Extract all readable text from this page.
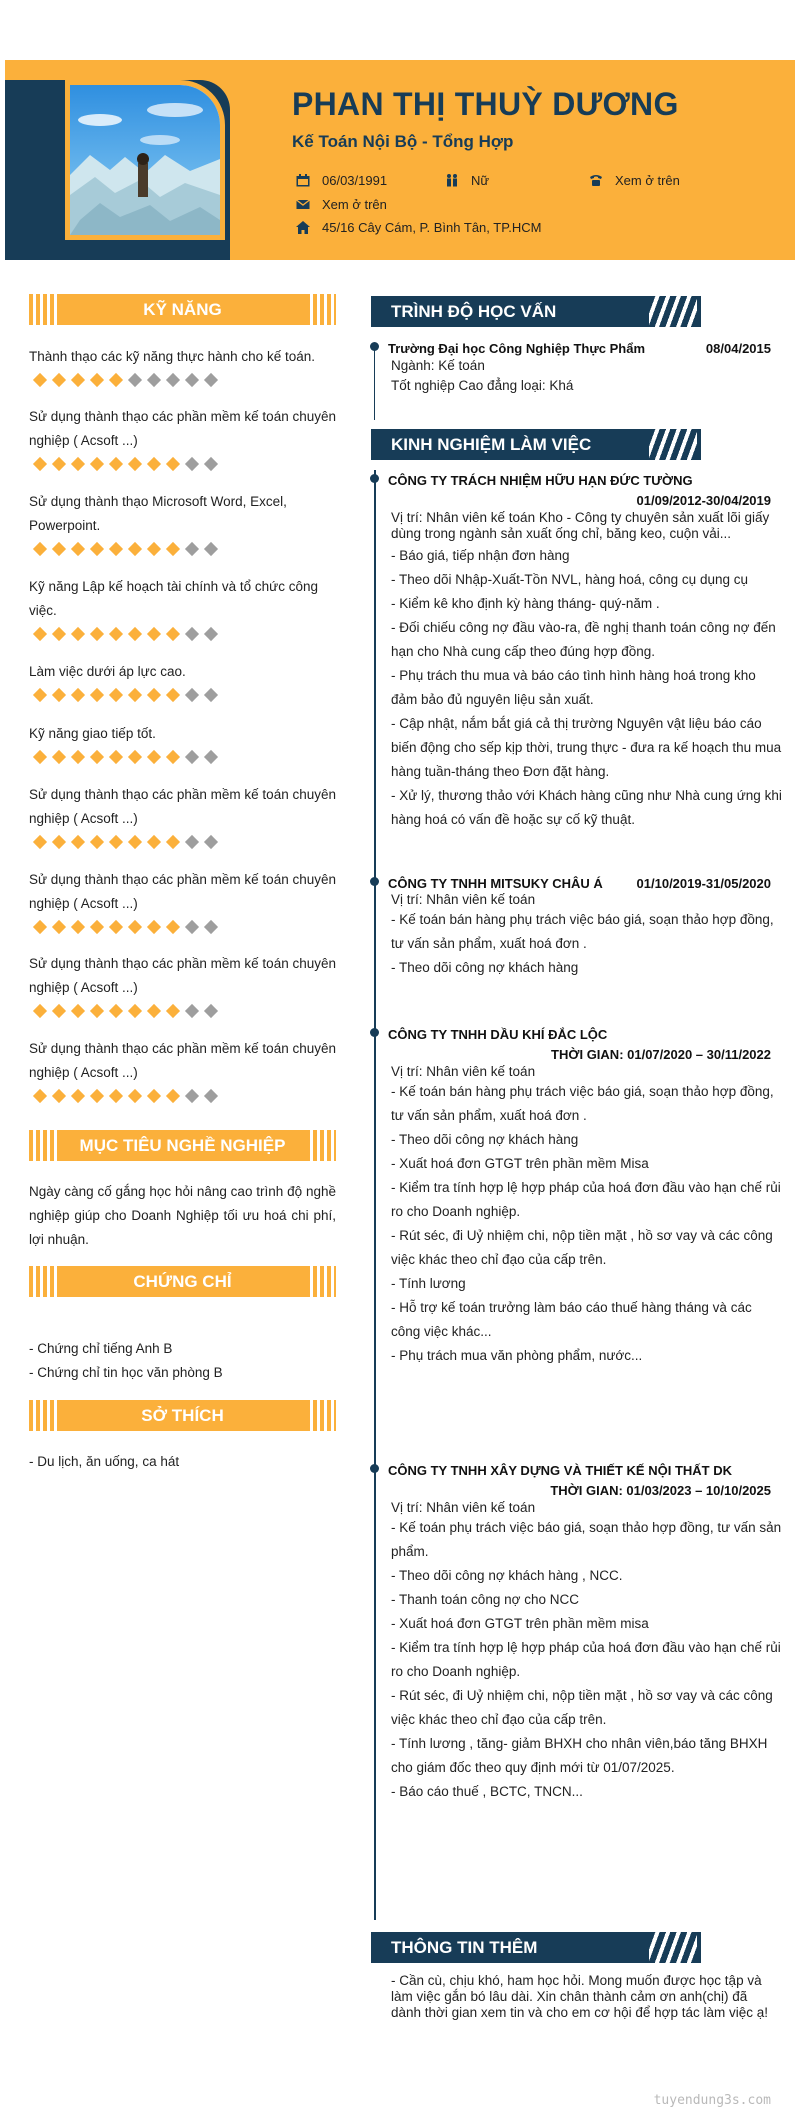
PHAN THỊ THUỲ DƯƠNG
Kế Toán Nội Bộ - Tổng Hợp
06/03/1991	Nữ	Xem ở trên
Xem ở trên
45/16 Cây Cám, P. Bình Tân, TP.HCM
KỸ NĂNG
Thành thạo các kỹ năng thực hành cho kế toán.
Sử dụng thành thạo các phần mềm kế toán chuyên nghiệp ( Acsoft ...)
Sử dụng thành thạo Microsoft Word, Excel, Powerpoint.
Kỹ năng Lập kế hoạch tài chính và tổ chức công việc.
Làm việc dưới áp lực cao.
Kỹ năng giao tiếp tốt.
Sử dụng thành thạo các phần mềm kế toán chuyên nghiệp ( Acsoft ...)
Sử dụng thành thạo các phần mềm kế toán chuyên nghiệp ( Acsoft ...)
Sử dụng thành thạo các phần mềm kế toán chuyên nghiệp ( Acsoft ...)
Sử dụng thành thạo các phần mềm kế toán chuyên nghiệp ( Acsoft ...)
MỤC TIÊU NGHỀ NGHIỆP
Ngày càng cố gắng học hỏi nâng cao trình độ nghề nghiệp giúp cho Doanh Nghiệp tối ưu hoá chi phí, lợi nhuận.
CHỨNG CHỈ
- Chứng chỉ tiếng Anh B
- Chứng chỉ tin học văn phòng B
SỞ THÍCH
- Du lịch, ăn uống, ca hát
TRÌNH ĐỘ HỌC VẤN
Trường Đại học Công Nghiệp Thực Phẩm	08/04/2015
Ngành: Kế toán
Tốt nghiệp Cao đẳng loại: Khá
KINH NGHIỆM LÀM VIỆC
CÔNG TY TRÁCH NHIỆM HỮU HẠN ĐỨC TƯỜNG
01/09/2012-30/04/2019
Vị trí: Nhân viên kế toán Kho - Công ty chuyên sản xuất lõi giấy dùng trong ngành sản xuất ống chỉ, băng keo, cuộn vải...
- Báo giá, tiếp nhận đơn hàng
- Theo dõi Nhập-Xuất-Tồn NVL, hàng hoá, công cụ dụng cụ
- Kiểm kê kho định kỳ hàng tháng- quý-năm .
- Đối chiếu công nợ đầu vào-ra, đề nghị thanh toán công nợ đến hạn cho Nhà cung cấp theo đúng hợp đồng.
- Phụ trách thu mua và báo cáo tình hình hàng hoá trong kho đảm bảo đủ nguyên liệu sản xuất.
- Cập nhật, nắm bắt giá cả thị trường Nguyên vật liệu báo cáo biến động cho sếp kịp thời, trung thực - đưa ra kế hoạch thu mua hàng tuần-tháng theo Đơn đặt hàng.
- Xử lý, thương thảo với Khách hàng cũng như Nhà cung ứng khi hàng hoá có vấn đề hoặc sự cố kỹ thuật.
CÔNG TY TNHH MITSUKY CHÂU Á	01/10/2019-31/05/2020
Vị trí: Nhân viên kế toán
- Kế toán bán hàng phụ trách việc báo giá, soạn thảo hợp đồng, tư vấn sản phẩm, xuất hoá đơn .
- Theo dõi công nợ khách hàng
CÔNG TY TNHH DẦU KHÍ ĐẮC LỘC
THỜI GIAN: 01/07/2020 – 30/11/2022
Vị trí: Nhân viên kế toán
- Kế toán bán hàng phụ trách việc báo giá, soạn thảo hợp đồng, tư vấn sản phẩm, xuất hoá đơn .
- Theo dõi công nợ khách hàng
- Xuất hoá đơn GTGT trên phần mềm Misa
- Kiểm tra tính hợp lệ hợp pháp của hoá đơn đầu vào hạn chế rủi ro cho Doanh nghiệp.
- Rút séc, đi Uỷ nhiệm chi, nộp tiền mặt , hồ sơ vay và các công việc khác theo chỉ đạo của cấp trên.
- Tính lương
- Hỗ trợ kế toán trưởng làm báo cáo thuế hàng tháng và các công việc khác...
- Phụ trách mua văn phòng phẩm, nước...
CÔNG TY TNHH XÂY DỰNG VÀ THIẾT KẾ NỘI THẤT DK
THỜI GIAN: 01/03/2023 – 10/10/2025
Vị trí: Nhân viên kế toán
- Kế toán phụ trách việc báo giá, soạn thảo hợp đồng, tư vấn sản phẩm.
- Theo dõi công nợ khách hàng , NCC.
- Thanh toán công nợ cho NCC
- Xuất hoá đơn GTGT trên phần mềm misa
- Kiểm tra tính hợp lệ hợp pháp của hoá đơn đầu vào hạn chế rủi ro cho Doanh nghiệp.
- Rút séc, đi Uỷ nhiệm chi, nộp tiền mặt , hồ sơ vay và các công việc khác theo chỉ đạo của cấp trên.
- Tính lương , tăng- giảm BHXH cho nhân viên,báo tăng BHXH cho giám đốc theo quy định mới từ 01/07/2025.
- Báo cáo thuế , BCTC, TNCN...
THÔNG TIN THÊM
- Cần cù, chịu khó, ham học hỏi. Mong muốn được học tập và làm việc gắn bó lâu dài. Xin chân thành cảm ơn anh(chị) đã dành thời gian xem tin và cho em cơ hội để hợp tác làm việc ạ!
tuyendung3s.com
